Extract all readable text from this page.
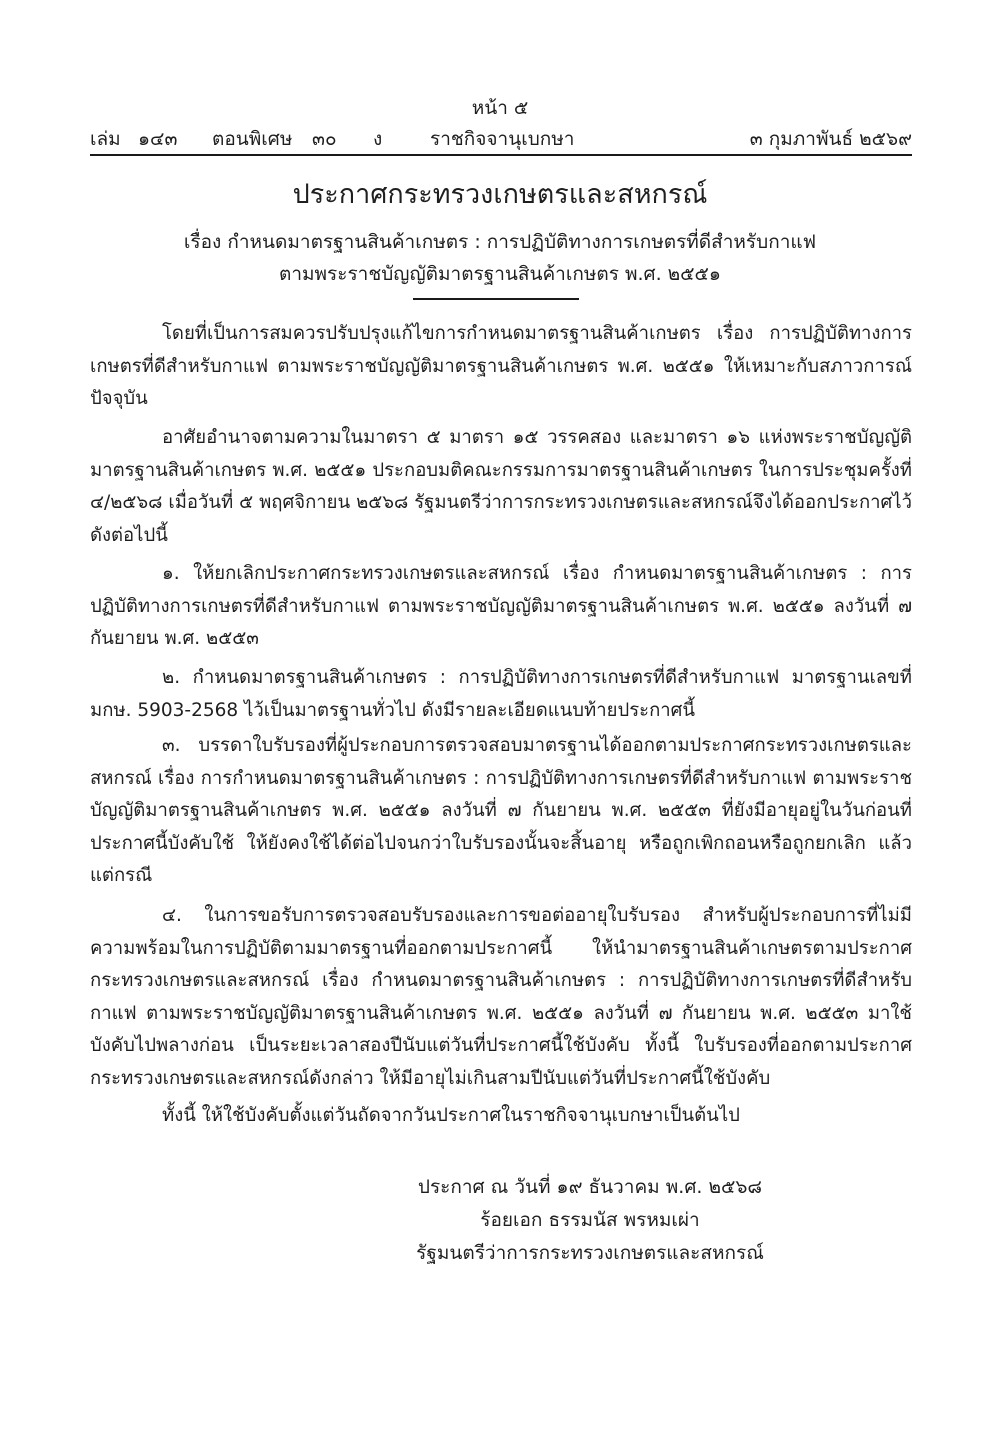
หน้า ๕
เล่ม ๑๔๓ ตอนพิเศษ ๓๐ ง	ราชกิจจานุเบกษา	๓ กุมภาพันธ์ ๒๕๖๙
ประกาศกระทรวงเกษตรและสหกรณ์
เรื่อง กำหนดมาตรฐานสินค้าเกษตร : การปฏิบัติทางการเกษตรที่ดีสำหรับกาแฟ
ตามพระราชบัญญัติมาตรฐานสินค้าเกษตร พ.ศ. ๒๕๕๑

โดยที่เป็นการสมควรปรับปรุงแก้ไขการกำหนดมาตรฐานสินค้าเกษตร เรื่อง การปฏิบัติทางการเกษตรที่ดีสำหรับกาแฟ ตามพระราชบัญญัติมาตรฐานสินค้าเกษตร พ.ศ. ๒๕๕๑ ให้เหมาะกับสภาวการณ์ปัจจุบัน

อาศัยอำนาจตามความในมาตรา ๕ มาตรา ๑๕ วรรคสอง และมาตรา ๑๖ แห่งพระราชบัญญัติมาตรฐานสินค้าเกษตร พ.ศ. ๒๕๕๑ ประกอบมติคณะกรรมการมาตรฐานสินค้าเกษตร ในการประชุมครั้งที่ ๔/๒๕๖๘ เมื่อวันที่ ๕ พฤศจิกายน ๒๕๖๘ รัฐมนตรีว่าการกระทรวงเกษตรและสหกรณ์จึงได้ออกประกาศไว้ ดังต่อไปนี้

๑. ให้ยกเลิกประกาศกระทรวงเกษตรและสหกรณ์ เรื่อง กำหนดมาตรฐานสินค้าเกษตร : การปฏิบัติทางการเกษตรที่ดีสำหรับกาแฟ ตามพระราชบัญญัติมาตรฐานสินค้าเกษตร พ.ศ. ๒๕๕๑ ลงวันที่ ๗ กันยายน พ.ศ. ๒๕๕๓

๒. กำหนดมาตรฐานสินค้าเกษตร : การปฏิบัติทางการเกษตรที่ดีสำหรับกาแฟ มาตรฐานเลขที่ มกษ. 5903-2568 ไว้เป็นมาตรฐานทั่วไป ดังมีรายละเอียดแนบท้ายประกาศนี้

๓. บรรดาใบรับรองที่ผู้ประกอบการตรวจสอบมาตรฐานได้ออกตามประกาศกระทรวงเกษตรและสหกรณ์ เรื่อง การกำหนดมาตรฐานสินค้าเกษตร : การปฏิบัติทางการเกษตรที่ดีสำหรับกาแฟ ตามพระราชบัญญัติมาตรฐานสินค้าเกษตร พ.ศ. ๒๕๕๑ ลงวันที่ ๗ กันยายน พ.ศ. ๒๕๕๓ ที่ยังมีอายุอยู่ในวันก่อนที่ประกาศนี้บังคับใช้ ให้ยังคงใช้ได้ต่อไปจนกว่าใบรับรองนั้นจะสิ้นอายุ หรือถูกเพิกถอนหรือถูกยกเลิก แล้วแต่กรณี

๔. ในการขอรับการตรวจสอบรับรองและการขอต่ออายุใบรับรอง สำหรับผู้ประกอบการที่ไม่มีความพร้อมในการปฏิบัติตามมาตรฐานที่ออกตามประกาศนี้ ให้นำมาตรฐานสินค้าเกษตรตามประกาศกระทรวงเกษตรและสหกรณ์ เรื่อง กำหนดมาตรฐานสินค้าเกษตร : การปฏิบัติทางการเกษตรที่ดีสำหรับกาแฟ ตามพระราชบัญญัติมาตรฐานสินค้าเกษตร พ.ศ. ๒๕๕๑ ลงวันที่ ๗ กันยายน พ.ศ. ๒๕๕๓ มาใช้บังคับไปพลางก่อน เป็นระยะเวลาสองปีนับแต่วันที่ประกาศนี้ใช้บังคับ ทั้งนี้ ใบรับรองที่ออกตามประกาศกระทรวงเกษตรและสหกรณ์ดังกล่าว ให้มีอายุไม่เกินสามปีนับแต่วันที่ประกาศนี้ใช้บังคับ

ทั้งนี้ ให้ใช้บังคับตั้งแต่วันถัดจากวันประกาศในราชกิจจานุเบกษาเป็นต้นไป

ประกาศ ณ วันที่ ๑๙ ธันวาคม พ.ศ. ๒๕๖๘
ร้อยเอก ธรรมนัส พรหมเผ่า
รัฐมนตรีว่าการกระทรวงเกษตรและสหกรณ์
